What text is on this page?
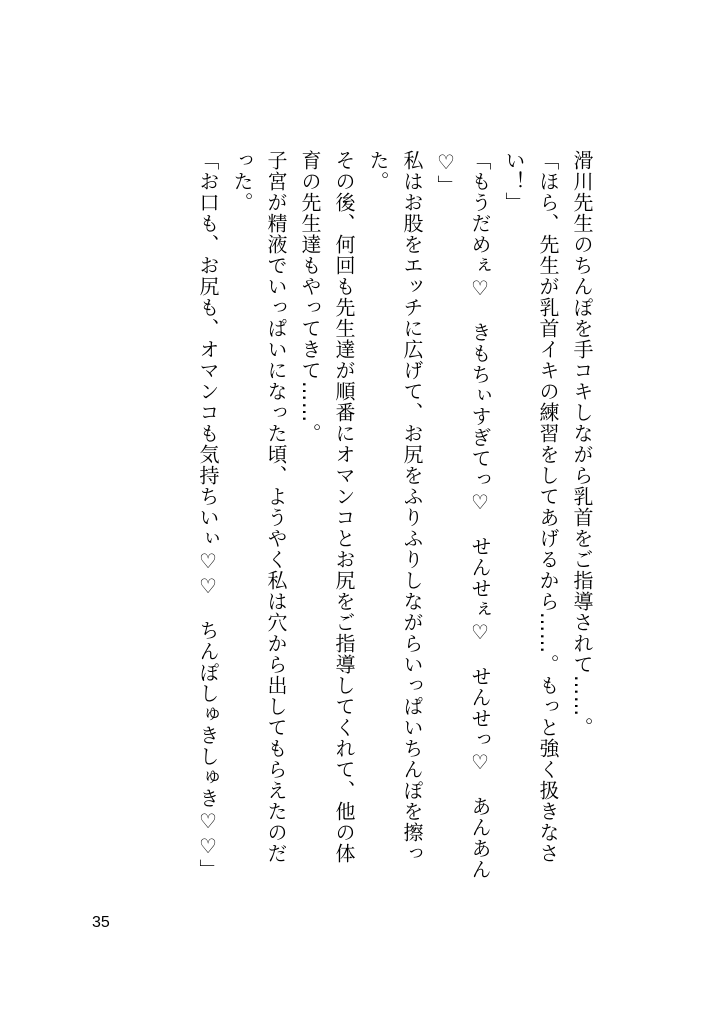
滑川先生のちんぽを手コキしながら乳首をご指導されて……。

「ほら、先生が乳首イキの練習をしてあげるから……。もっと強く扱きなさい！」

「もうだめぇ♡　きもちぃすぎてっ♡　せんせぇ♡　せんせっ♡　あんあん♡」

私はお股をエッチに広げて、お尻をふりふりしながらいっぱいちんぽを擦った。

その後、何回も先生達が順番にオマンコとお尻をご指導してくれて、他の体育の先生達もやってきて……。

子宮が精液でいっぱいになった頃、ようやく私は穴から出してもらえたのだった。

「お口も、お尻も、オマンコも気持ちいぃ♡♡　ちんぽしゅきしゅき♡♡」

35
